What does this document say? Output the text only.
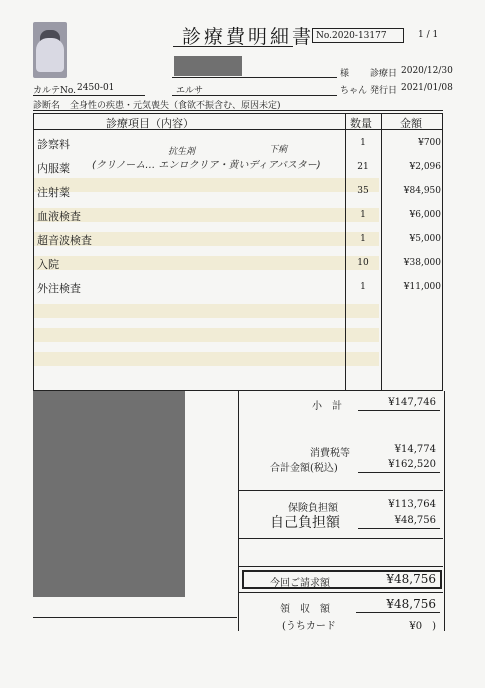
診療費明細書 No.2020-13177	1 / 1
様 診療日 2020/12/30
カルテNo. 2450-01	エルサ	ちゃん 発行日 2021/01/08
診断名 全身性の疾患・元気喪失（食欲不振含む、原因未定)
診療項目（内容）	数量	金額
診察料	1	¥700
内服薬	21	¥2,096
注射薬	35	¥84,950
血液検査	1	¥6,000
超音波検査	1	¥5,000
入院	10	¥38,000
外注検査	1	¥11,000
(クリノーム… エンロクリア・黄いディアバスター)
抗生剤	下痢
小　計	¥147,746
消費税等	¥14,774
合計金額(税込)	¥162,520
保険負担額	¥113,764
自己負担額	¥48,756
今回ご請求額	¥48,756
領　収　額	¥48,756
(うちカード	¥0　)
